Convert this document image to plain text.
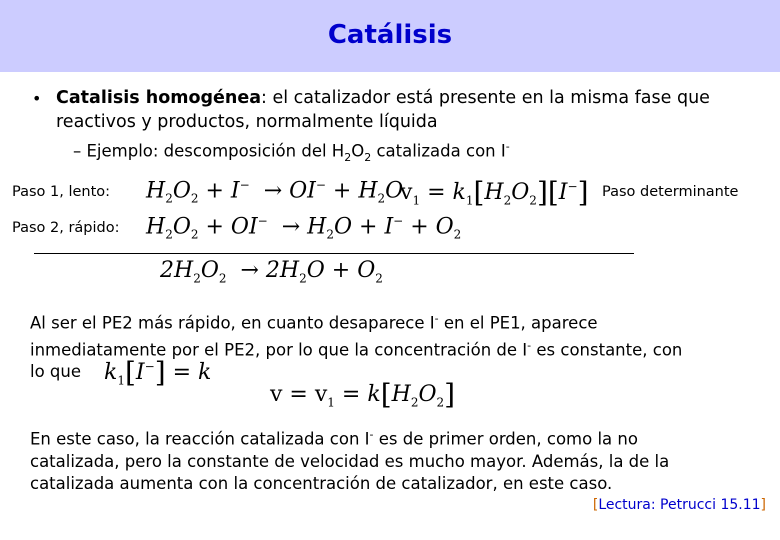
Catálisis
• Catalisis homogénea: el catalizador está presente en la misma fase que reactivos y productos, normalmente líquida
– Ejemplo: descomposición del $H_2O_2$ catalizada con I-
Paso 1, lento: $H_2O_2 + I^- \to OI^- + H_2O$
$v_1 = k_1[H_2O_2][I^-]$ Paso determinante
Paso 2, rápido: $H_2O_2 + OI^- \to H_2O + I^- + O_2$
$2H_2O_2 \to 2H_2O + O_2$
Al ser el PE2 más rápido, en cuanto desaparece I- en el PE1, aparece
inmediatamente por el PE2, por lo que la concentración de I- es constante, con
lo que	$k_1[I^-] = k$
$v = v_1 = k[H_2O_2]$
En este caso, la reacción catalizada con I- es de primer orden, como la no
catalizada, pero la constante de velocidad es mucho mayor. Además, la de la
catalizada aumenta con la concentración de catalizador, en este caso.
[Lectura: Petrucci 15.11]
